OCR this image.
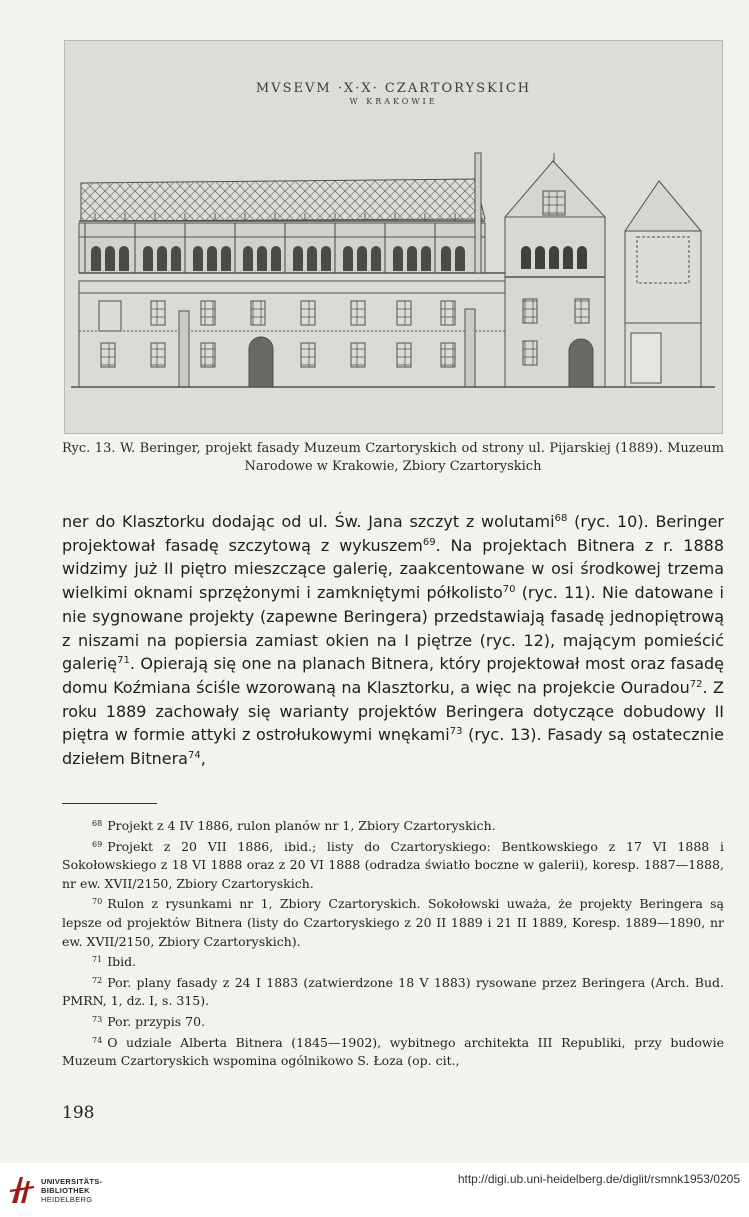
MVSEVM ·X·X· CZARTORYSKICH
W KRAKOWIE
Ryc. 13. W. Beringer, projekt fasady Muzeum Czartoryskich od strony ul. Pijarskiej (1889). Muzeum Narodowe w Krakowie, Zbiory Czartoryskich

ner do Klasztorku dodając od ul. Św. Jana szczyt z wolutami$^{68}$ (ryc. 10). Beringer projektował fasadę szczytową z wykuszem$^{69}$. Na projektach Bitnera z r. 1888 widzimy już II piętro mieszczące galerię, zaakcentowane w osi środkowej trzema wielkimi oknami sprzężonymi i zamkniętymi półkolisto$^{70}$ (ryc. 11). Nie datowane i nie sygnowane projekty (zapewne Beringera) przedstawiają fasadę jednopiętrową z niszami na popiersia zamiast okien na I piętrze (ryc. 12), mającym pomieścić galerię$^{71}$. Opierają się one na planach Bitnera, który projektował most oraz fasadę domu Koźmiana ściśle wzorowaną na Klasztorku, a więc na projekcie Ouradou$^{72}$. Z roku 1889 zachowały się warianty projektów Beringera dotyczące dobudowy II piętra w formie attyki z ostrołukowymi wnękami$^{73}$ (ryc. 13). Fasady są ostatecznie dziełem Bitnera$^{74}$,

$^{68}$ Projekt z 4 IV 1886, rulon planów nr 1, Zbiory Czartoryskich.

$^{69}$ Projekt z 20 VII 1886, ibid.; listy do Czartoryskiego: Bentkowskiego z 17 VI 1888 i Sokołowskiego z 18 VI 1888 oraz z 20 VI 1888 (odradza światło boczne w galerii), koresp. 1887—1888, nr ew. XVII/2150, Zbiory Czartoryskich.

$^{70}$ Rulon z rysunkami nr 1, Zbiory Czartoryskich. Sokołowski uważa, że projekty Beringera są lepsze od projektów Bitnera (listy do Czartoryskiego z 20 II 1889 i 21 II 1889, Koresp. 1889—1890, nr ew. XVII/2150, Zbiory Czartoryskich).

$^{71}$ Ibid.

$^{72}$ Por. plany fasady z 24 I 1883 (zatwierdzone 18 V 1883) rysowane przez Beringera (Arch. Bud. PMRN, 1, dz. I, s. 315).

$^{73}$ Por. przypis 70.

$^{74}$ O udziale Alberta Bitnera (1845—1902), wybitnego architekta III Republiki, przy budowie Muzeum Czartoryskich wspomina ogólnikowo S. Łoza (op. cit.,

198
UNIVERSITÄTS-
BIBLIOTHEK
HEIDELBERG
http://digi.ub.uni-heidelberg.de/diglit/rsmnk1953/0205
